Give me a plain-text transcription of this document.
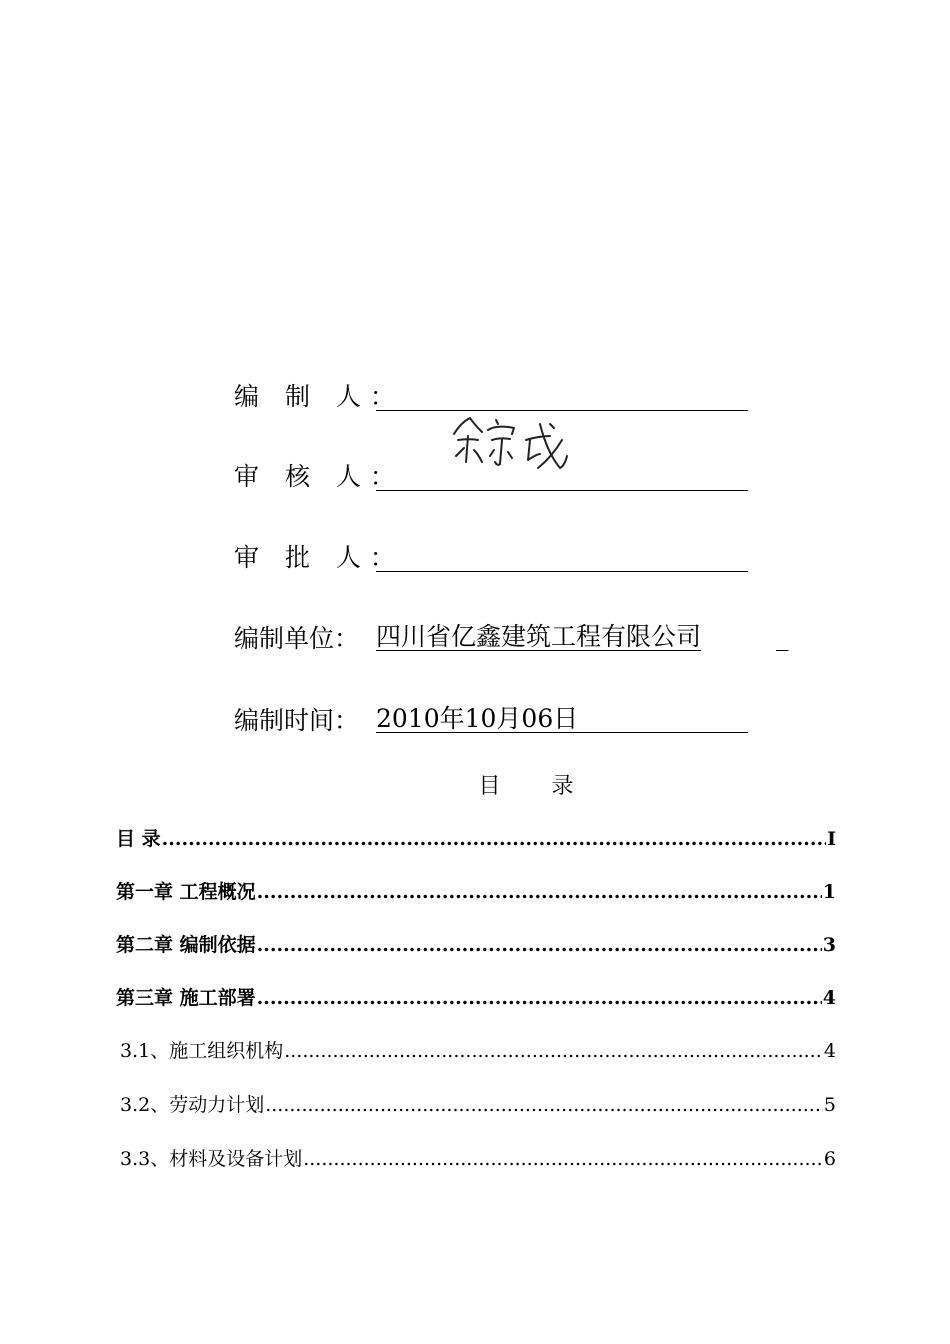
编 制 人：
审 核 人：
审 批 人：
编制单位： 四川省亿鑫建筑工程有限公司	_
编制时间： 2010年10月06日
目 录
目 录 .....	I
第一章 工程概况 .....	1
第二章 编制依据 .....	3
第三章 施工部署 .....	4
3.1、施工组织机构 .....	4
3.2、劳动力计划 .....	5
3.3、材料及设备计划 .....	6
